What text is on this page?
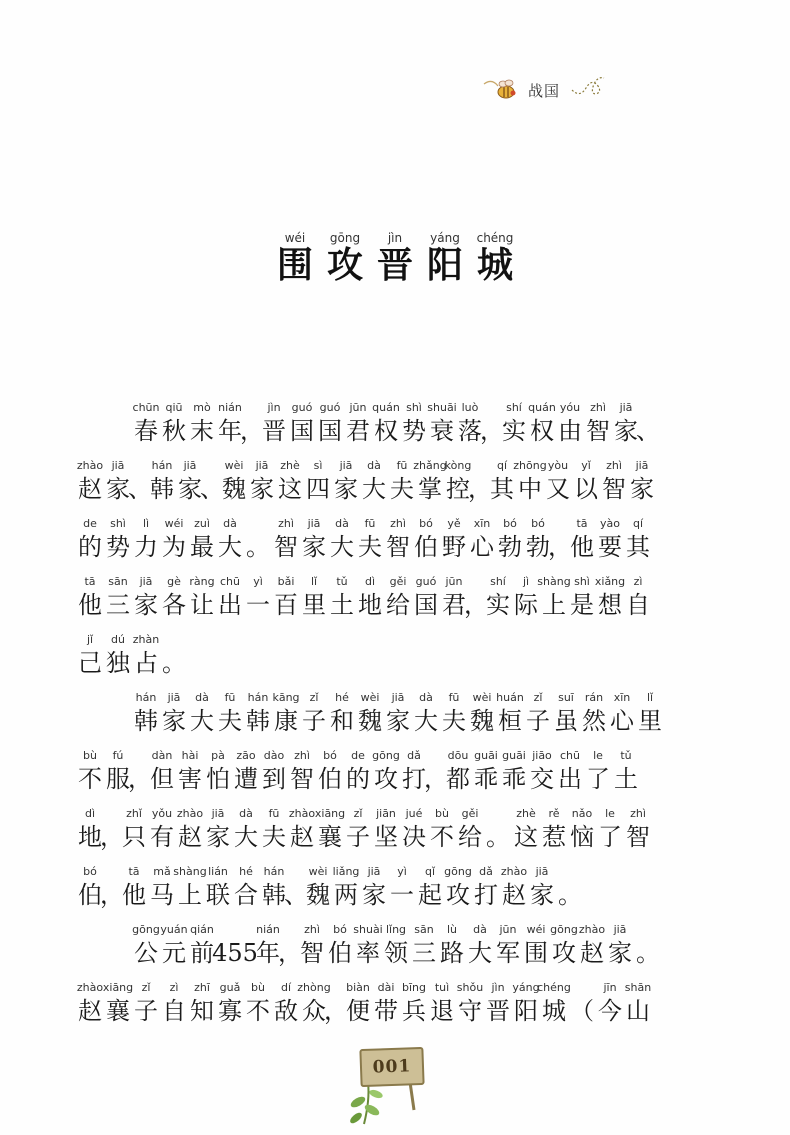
战国
围wéi
攻gōng
晋jìn
阳yáng
城chéng
chūn
春
qiū
秋
mò
末
nián
年
，
jìn
晋
guó
国
guó
国
jūn
君
quán
权
shì
势
shuāi
衰
luò
落
，
shí
实
quán
权
yóu
由
zhì
智
jiā
家
、
zhào
赵
jiā
家
、
hán
韩
jiā
家
、
wèi
魏
jiā
家
zhè
这
sì
四
jiā
家
dà
大
fū
夫
zhǎng
掌
kòng
控
，
qí
其
zhōng
中
yòu
又
yǐ
以
zhì
智
jiā
家
de
的
shì
势
lì
力
wéi
为
zuì
最
dà
大 。
zhì
智
jiā
家
dà
大
fū
夫
zhì
智
bó
伯
yě
野
xīn
心
bó
勃
bó
勃
，
tā
他
yào
要
qí
其
tā
他
sān
三
jiā
家
gè
各
ràng
让
chū
出
yì
一
bǎi
百
lǐ
里
tǔ
土
dì
地
gěi
给
guó
国
jūn
君
，
shí
实
jì
际
shàng
上
shì
是
xiǎng
想
zì
自
jǐ
己
dú
独
zhàn
占 。
hán
韩
jiā
家
dà
大
fū
夫
hán
韩
kāng
康
zǐ
子
hé
和
wèi
魏
jiā
家
dà
大
fū
夫
wèi
魏
huán
桓
zǐ
子
suī
虽
rán
然
xīn
心
lǐ
里
bù
不
fú
服
，
dàn
但
hài
害
pà
怕
zāo
遭
dào
到
zhì
智
bó
伯
de
的
gōng
攻
dǎ
打
，
dōu
都
guāi
乖
guāi
乖
jiāo
交
chū
出
le
了
tǔ
土
dì
地
，
zhǐ
只
yǒu
有
zhào
赵
jiā
家
dà
大
fū
夫
zhào
赵
xiāng
襄
zǐ
子
jiān
坚
jué
决
bù
不
gěi
给 。
zhè
这
rě
惹
nǎo
恼
le
了
zhì
智
bó
伯
，
tā
他
mǎ
马
shàng
上
lián
联
hé
合
hán
韩
、
wèi
魏
liǎng
两
jiā
家
yì
一
qǐ
起
gōng
攻
dǎ
打
zhào
赵
jiā
家 。
gōng
公
yuán
元
qián
前
455
nián
年
，
zhì
智
bó
伯
shuài
率
lǐng
领
sān
三
lù
路
dà
大
jūn
军
wéi
围
gōng
攻
zhào
赵
jiā
家 。
zhào
赵
xiāng
襄
zǐ
子
zì
自
zhī
知
guǎ
寡
bù
不
dí
敌
zhòng
众
，
biàn
便
dài
带
bīng
兵
tuì
退
shǒu
守
jìn
晋
yáng
阳
chéng
城 （
jīn
今
shān
山
001
